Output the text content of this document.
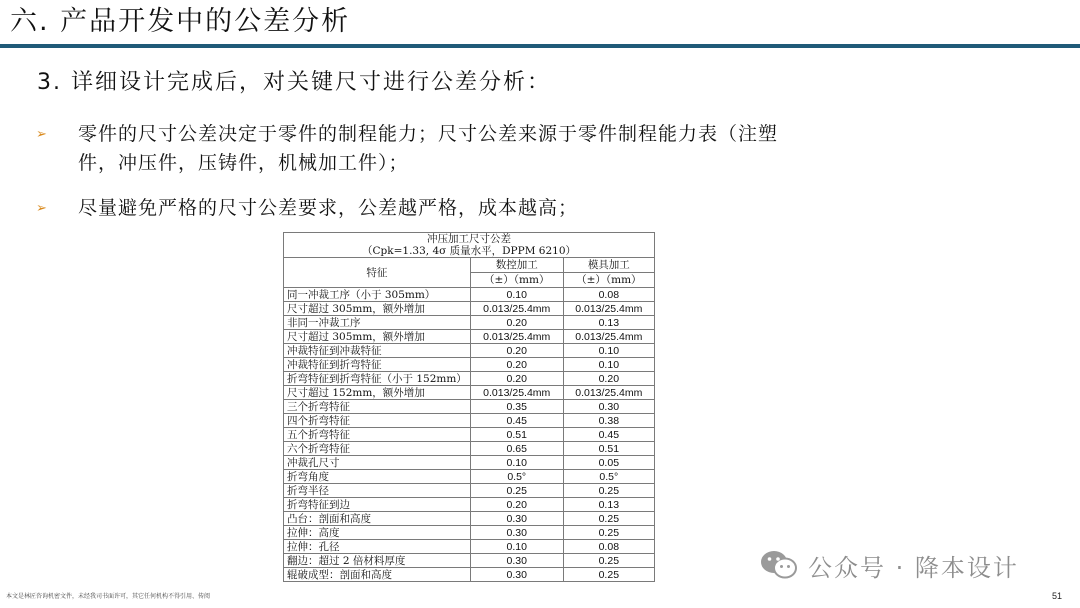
六. 产品开发中的公差分析
3. 详细设计完成后，对关键尺寸进行公差分析：
➢ 零件的尺寸公差决定于零件的制程能力；尺寸公差来源于零件制程能力表（注塑件，冲压件，压铸件，机械加工件）；
➢ 尽量避免严格的尺寸公差要求，公差越严格，成本越高；
冲压加工尺寸公差
（Cpk=1.33, 4σ 质量水平，DPPM 6210）		

特征	数控加工	模具加工
	（±）（mm）	（±）（mm）
同一冲裁工序（小于 305mm）	0.10	0.08
尺寸超过 305mm，额外增加	0.013/25.4mm	0.013/25.4mm
非同一冲裁工序	0.20	0.13
尺寸超过 305mm，额外增加	0.013/25.4mm	0.013/25.4mm
冲裁特征到冲裁特征	0.20	0.10
冲裁特征到折弯特征	0.20	0.10
折弯特征到折弯特征（小于 152mm）	0.20	0.20
尺寸超过 152mm，额外增加	0.013/25.4mm	0.013/25.4mm
三个折弯特征	0.35	0.30
四个折弯特征	0.45	0.38
五个折弯特征	0.51	0.45
六个折弯特征	0.65	0.51
冲裁孔尺寸	0.10	0.05
折弯角度	0.5°	0.5°
折弯半径	0.25	0.25
折弯特征到边	0.20	0.13
凸台：剖面和高度	0.30	0.25
拉伸：高度	0.30	0.25
拉伸：孔径	0.10	0.08
翻边：超过 2 倍材料厚度	0.30	0.25
辊破成型：剖面和高度	0.30	0.25
本文是林匠咨询机密文件，未经我司书面许可，其它任何机构不得引用、传阅
公众号 · 降本设计
51
